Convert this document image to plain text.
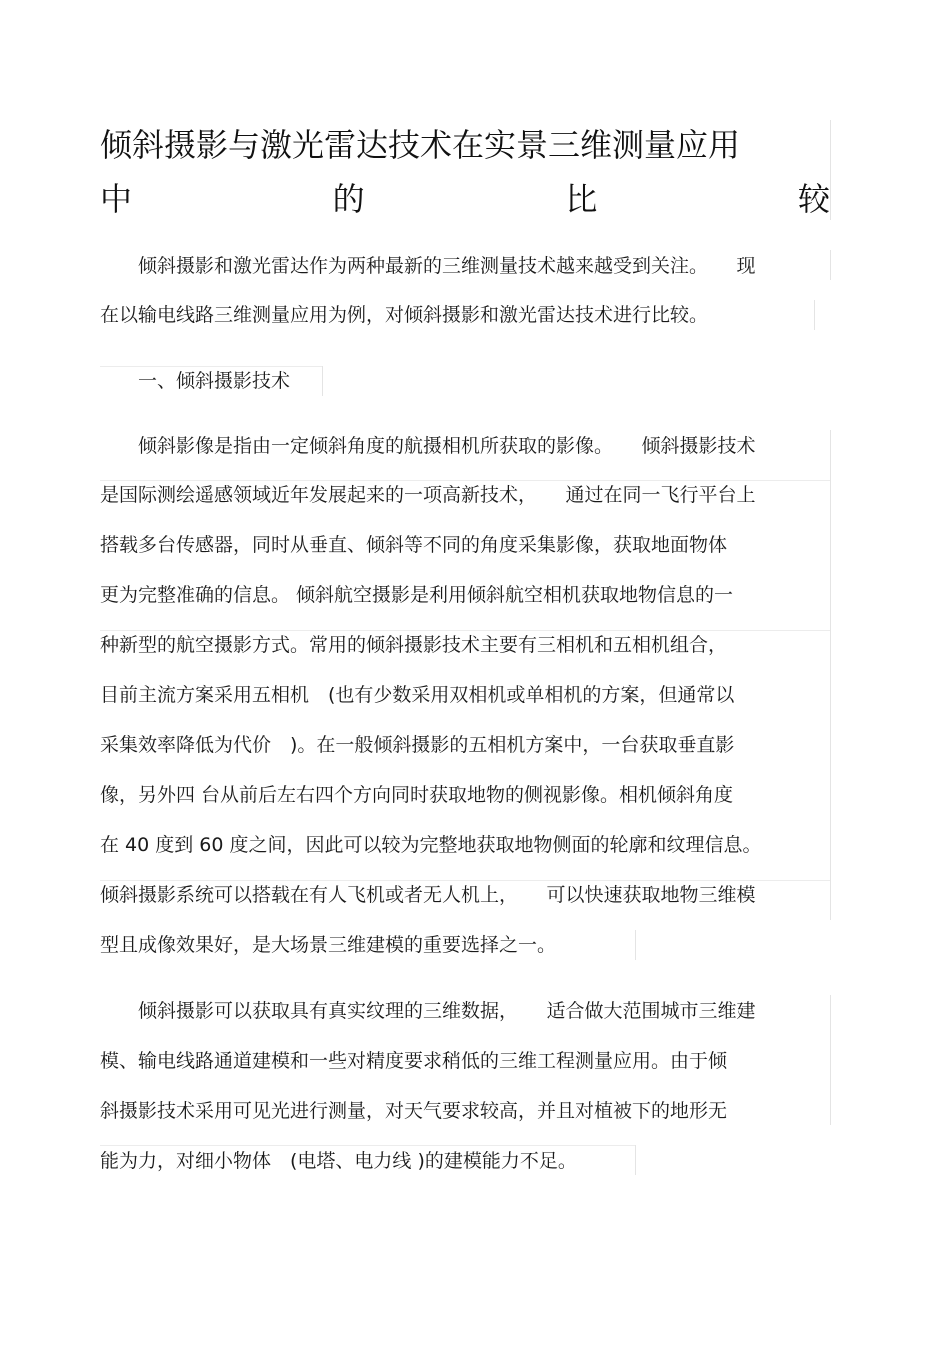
倾斜摄影与激光雷达技术在实景三维测量应用
中	的	比	较
　　倾斜摄影和激光雷达作为两种最新的三维测量技术越来越受到关注。　　现
在以输电线路三维测量应用为例，对倾斜摄影和激光雷达技术进行比较。
　　一、倾斜摄影技术
　　倾斜影像是指由一定倾斜角度的航摄相机所获取的影像。　　倾斜摄影技术
是国际测绘遥感领域近年发展起来的一项高新技术，　　通过在同一飞行平台上
搭载多台传感器，同时从垂直、倾斜等不同的角度采集影像，获取地面物体
更为完整准确的信息。 倾斜航空摄影是利用倾斜航空相机获取地物信息的一
种新型的航空摄影方式。常用的倾斜摄影技术主要有三相机和五相机组合，
目前主流方案采用五相机　(也有少数采用双相机或单相机的方案，但通常以
采集效率降低为代价　)。在一般倾斜摄影的五相机方案中，一台获取垂直影
像，另外四 台从前后左右四个方向同时获取地物的侧视影像。相机倾斜角度
在 40 度到 60 度之间，因此可以较为完整地获取地物侧面的轮廓和纹理信息。
倾斜摄影系统可以搭载在有人飞机或者无人机上，　　可以快速获取地物三维模
型且成像效果好，是大场景三维建模的重要选择之一。
　　倾斜摄影可以获取具有真实纹理的三维数据，　　适合做大范围城市三维建
模、输电线路通道建模和一些对精度要求稍低的三维工程测量应用。由于倾
斜摄影技术采用可见光进行测量，对天气要求较高，并且对植被下的地形无
能为力，对细小物体　(电塔、电力线 )的建模能力不足。
